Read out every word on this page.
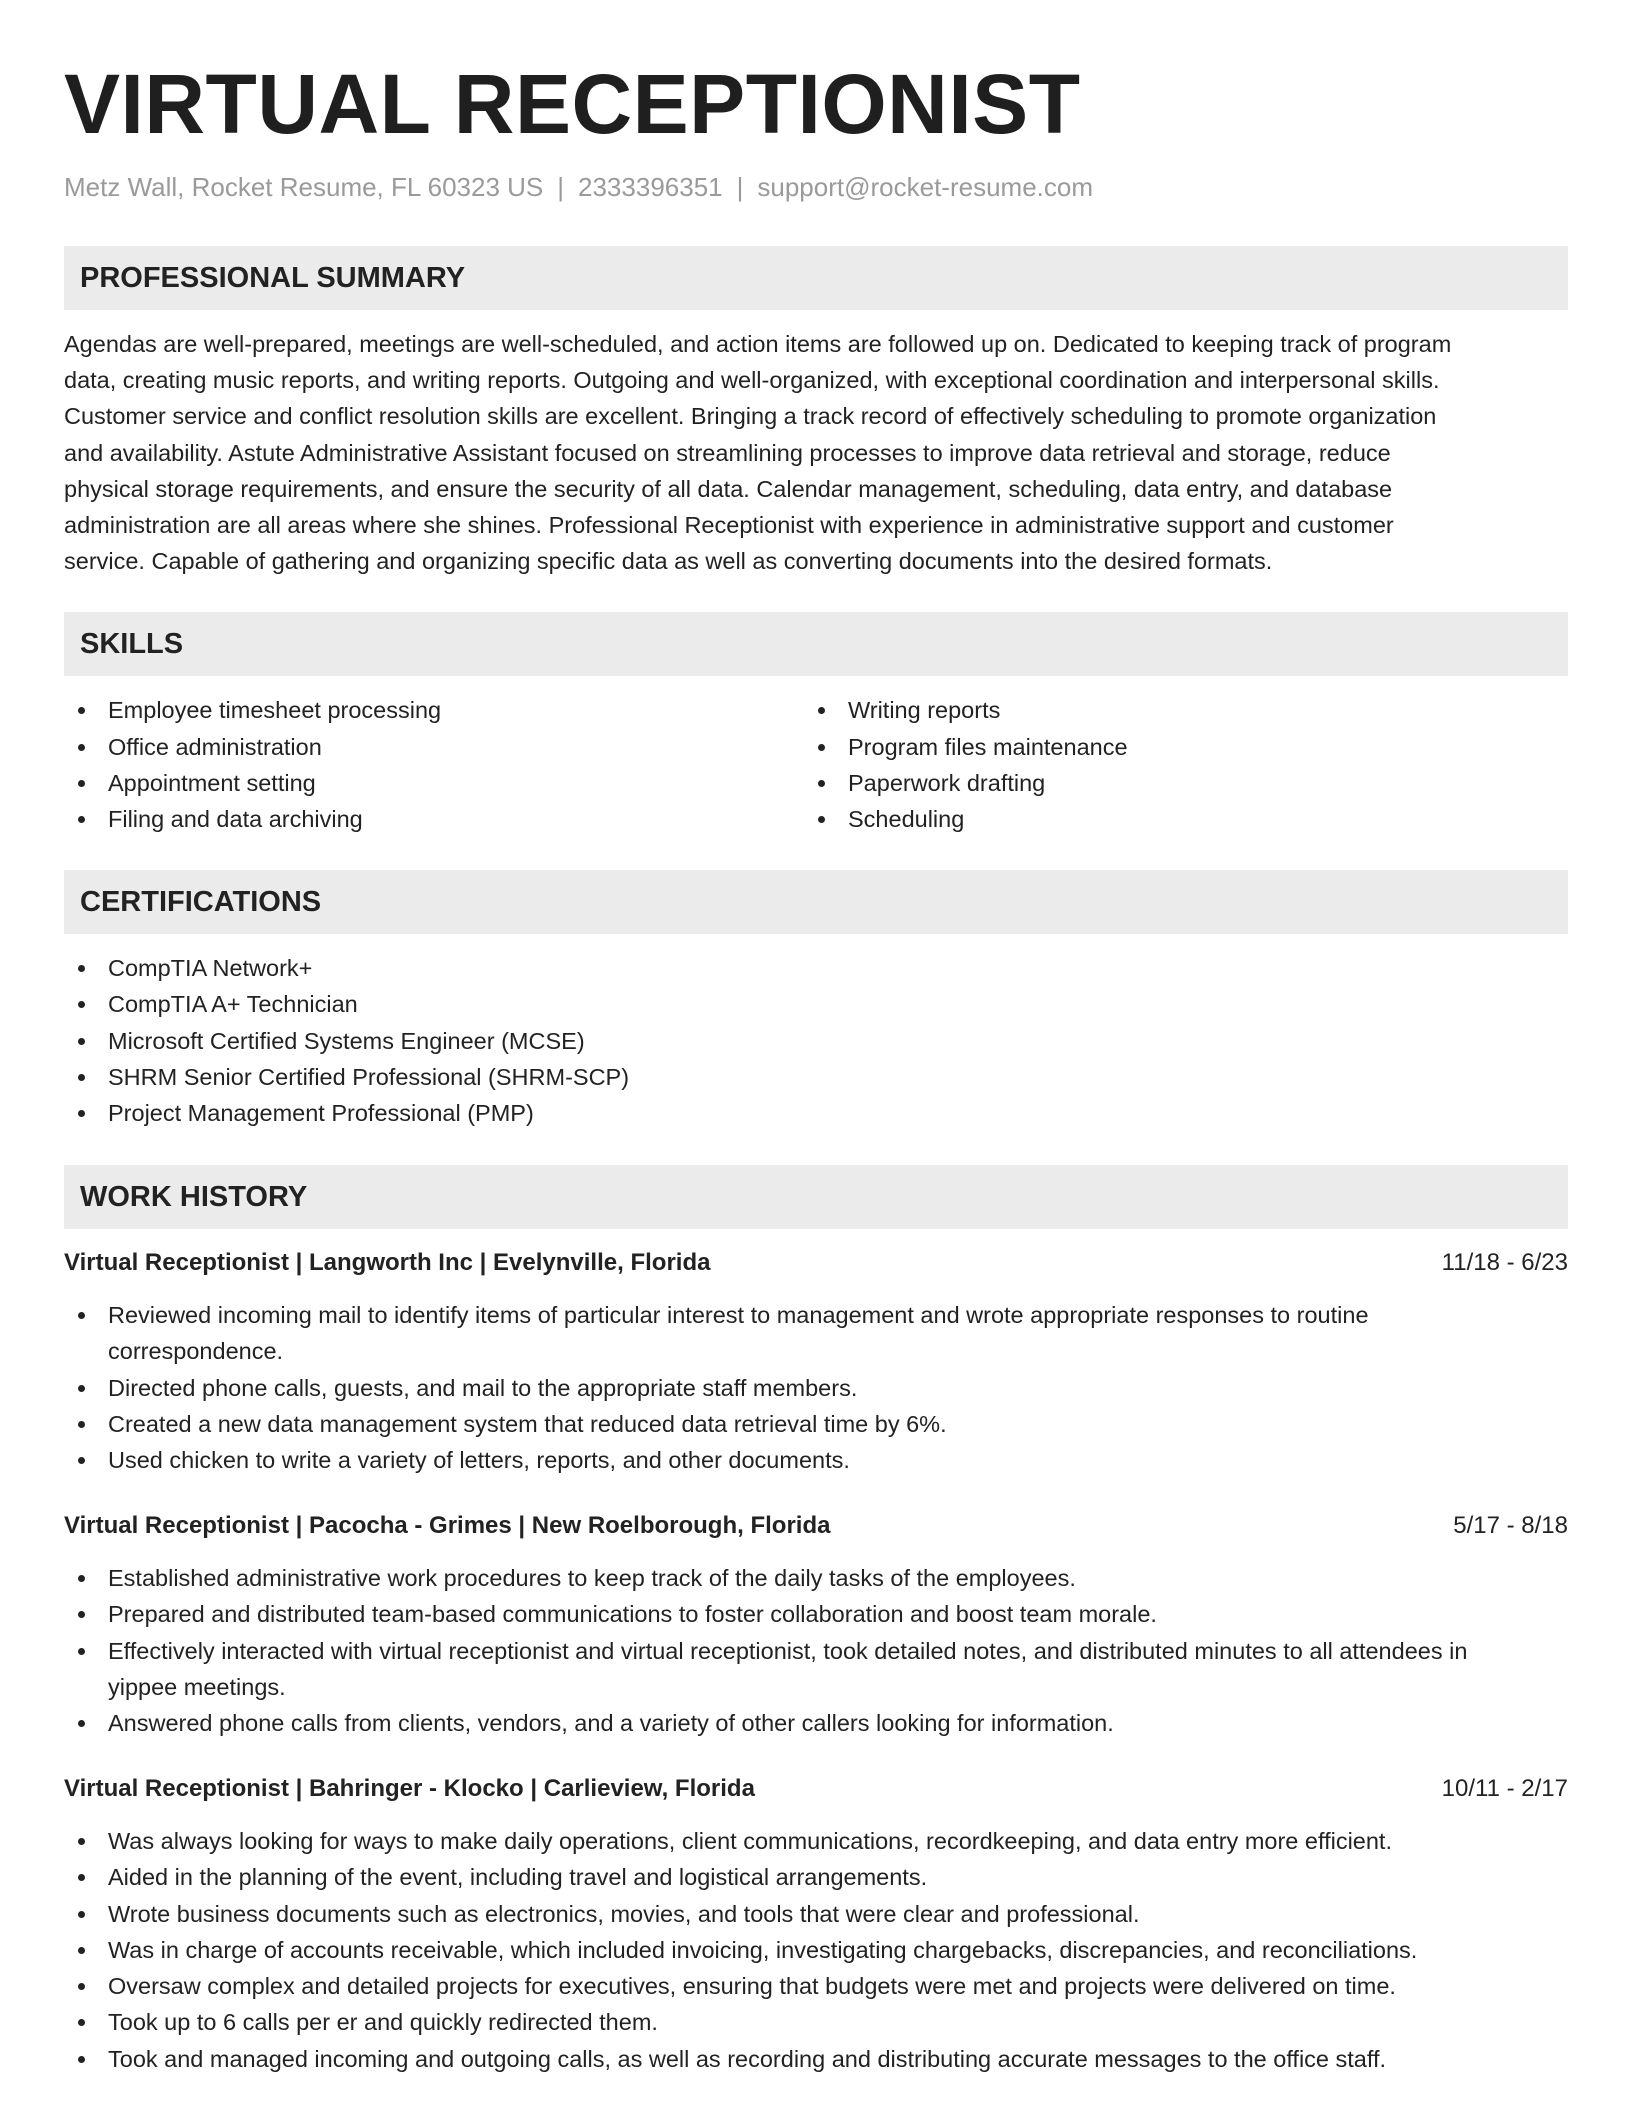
VIRTUAL RECEPTIONIST
Metz Wall, Rocket Resume, FL 60323 US | 2333396351 | support@rocket-resume.com
PROFESSIONAL SUMMARY
Agendas are well-prepared, meetings are well-scheduled, and action items are followed up on. Dedicated to keeping track of program
data, creating music reports, and writing reports. Outgoing and well-organized, with exceptional coordination and interpersonal skills.
Customer service and conflict resolution skills are excellent. Bringing a track record of effectively scheduling to promote organization
and availability. Astute Administrative Assistant focused on streamlining processes to improve data retrieval and storage, reduce
physical storage requirements, and ensure the security of all data. Calendar management, scheduling, data entry, and database
administration are all areas where she shines. Professional Receptionist with experience in administrative support and customer
service. Capable of gathering and organizing specific data as well as converting documents into the desired formats.
SKILLS
Employee timesheet processing
Office administration
Appointment setting
Filing and data archiving
Writing reports
Program files maintenance
Paperwork drafting
Scheduling
CERTIFICATIONS
CompTIA Network+
CompTIA A+ Technician
Microsoft Certified Systems Engineer (MCSE)
SHRM Senior Certified Professional (SHRM-SCP)
Project Management Professional (PMP)
WORK HISTORY
Virtual Receptionist | Langworth Inc | Evelynville, Florida	11/18 - 6/23
Reviewed incoming mail to identify items of particular interest to management and wrote appropriate responses to routine
correspondence.
Directed phone calls, guests, and mail to the appropriate staff members.
Created a new data management system that reduced data retrieval time by 6%.
Used chicken to write a variety of letters, reports, and other documents.
Virtual Receptionist | Pacocha - Grimes | New Roelborough, Florida	5/17 - 8/18
Established administrative work procedures to keep track of the daily tasks of the employees.
Prepared and distributed team-based communications to foster collaboration and boost team morale.
Effectively interacted with virtual receptionist and virtual receptionist, took detailed notes, and distributed minutes to all attendees in
yippee meetings.
Answered phone calls from clients, vendors, and a variety of other callers looking for information.
Virtual Receptionist | Bahringer - Klocko | Carlieview, Florida	10/11 - 2/17
Was always looking for ways to make daily operations, client communications, recordkeeping, and data entry more efficient.
Aided in the planning of the event, including travel and logistical arrangements.
Wrote business documents such as electronics, movies, and tools that were clear and professional.
Was in charge of accounts receivable, which included invoicing, investigating chargebacks, discrepancies, and reconciliations.
Oversaw complex and detailed projects for executives, ensuring that budgets were met and projects were delivered on time.
Took up to 6 calls per er and quickly redirected them.
Took and managed incoming and outgoing calls, as well as recording and distributing accurate messages to the office staff.
